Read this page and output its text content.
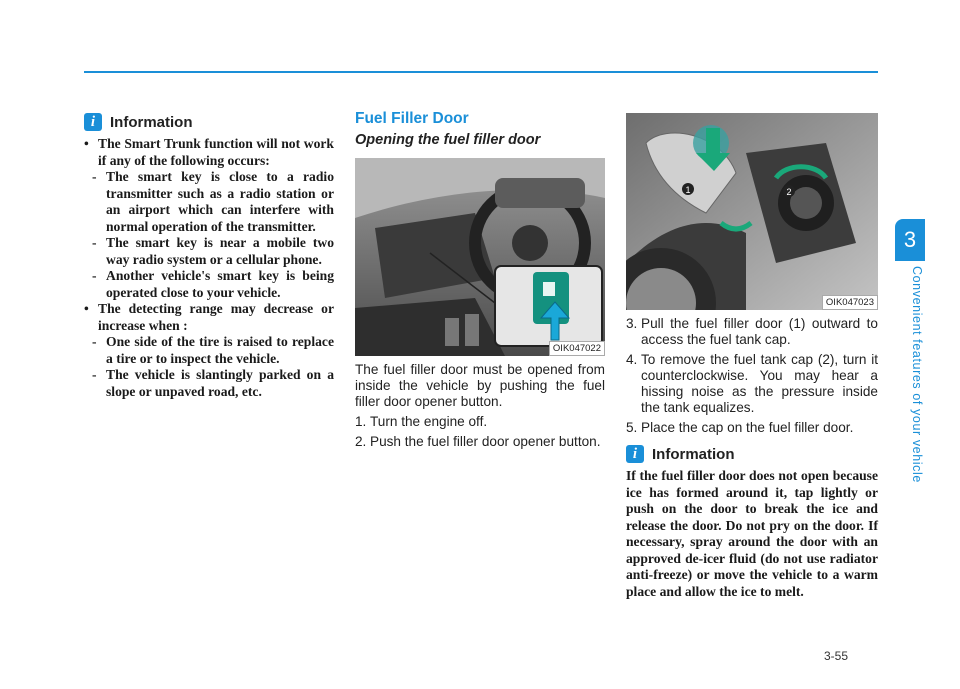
i Information

• The Smart Trunk function will not work if any of the following occurs:

- The smart key is close to a radio transmitter such as a radio station or an airport which can interfere with normal operation of the transmitter.

- The smart key is near a mobile two way radio system or a cellular phone.

- Another vehicle's smart key is being operated close to your vehicle.

• The detecting range may decrease or increase when :

- One side of the tire is raised to replace a tire or to inspect the vehicle.

- The vehicle is slantingly parked on a slope or unpaved road, etc.

Fuel Filler Door

Opening the fuel filler door

OIK047022

The fuel filler door must be opened from inside the vehicle by pushing the fuel filler door opener button.

1. Turn the engine off.

2. Push the fuel filler door opener button.

1	2
OIK047023

3. Pull the fuel filler door (1) outward to access the fuel tank cap.

4. To remove the fuel tank cap (2), turn it counterclockwise. You may hear a hissing noise as the pressure inside the tank equalizes.

5. Place the cap on the fuel filler door.

i Information

If the fuel filler door does not open because ice has formed around it, tap lightly or push on the door to break the ice and release the door. Do not pry on the door. If necessary, spray around the door with an approved de-icer fluid (do not use radiator anti-freeze) or move the vehicle to a warm place and allow the ice to melt.

3
Convenient features of your vehicle
3-55
